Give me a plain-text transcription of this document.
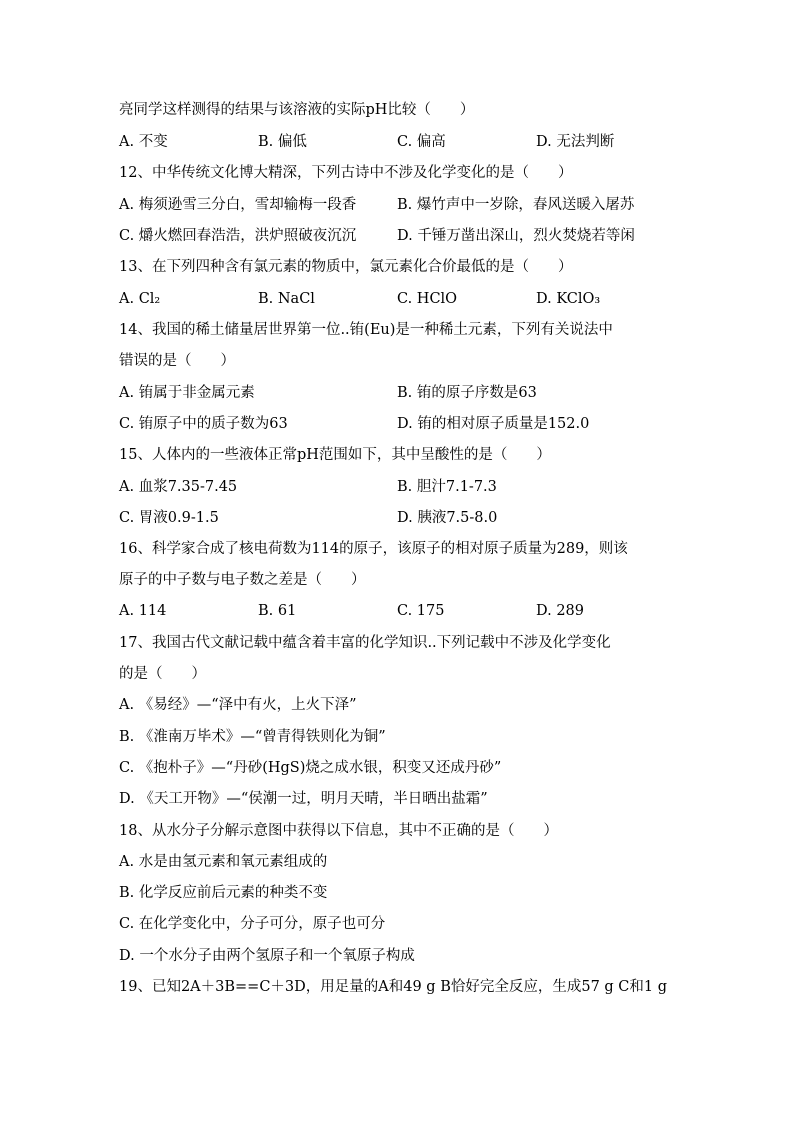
亮同学这样测得的结果与该溶液的实际pH比较（　　）
A. 不变	B. 偏低	C. 偏高	D. 无法判断
12、中华传统文化博大精深，下列古诗中不涉及化学变化的是（　　）
A. 梅须逊雪三分白，雪却输梅一段香	B. 爆竹声中一岁除，春风送暖入屠苏
C. 爝火燃回春浩浩，洪炉照破夜沉沉	D. 千锤万凿出深山，烈火焚烧若等闲
13、在下列四种含有氯元素的物质中，氯元素化合价最低的是（　　）
A. Cl₂	B. NaCl	C. HClO	D. KClO₃
14、我国的稀土储量居世界第一位..铕(Eu)是一种稀土元素，下列有关说法中
错误的是（　　）
A. 铕属于非金属元素	B. 铕的原子序数是63
C. 铕原子中的质子数为63	D. 铕的相对原子质量是152.0
15、人体内的一些液体正常pH范围如下，其中呈酸性的是（　　）
A. 血浆7.35-7.45	B. 胆汁7.1-7.3
C. 胃液0.9-1.5	D. 胰液7.5-8.0
16、科学家合成了核电荷数为114的原子，该原子的相对原子质量为289，则该
原子的中子数与电子数之差是（　　）
A. 114	B. 61	C. 175	D. 289
17、我国古代文献记载中蕴含着丰富的化学知识..下列记载中不涉及化学变化
的是（　　）
A. 《易经》—“泽中有火，上火下泽”
B. 《淮南万毕术》—“曾青得铁则化为铜”
C. 《抱朴子》—“丹砂(HgS)烧之成水银，积变又还成丹砂”
D. 《天工开物》—“侯潮一过，明月天晴，半日晒出盐霜”
18、从水分子分解示意图中获得以下信息，其中不正确的是（　　）
A. 水是由氢元素和氧元素组成的
B. 化学反应前后元素的种类不变
C. 在化学变化中，分子可分，原子也可分
D. 一个水分子由两个氢原子和一个氧原子构成
19、已知2A＋3B==C＋3D，用足量的A和49 g B恰好完全反应，生成57 g C和1 g
